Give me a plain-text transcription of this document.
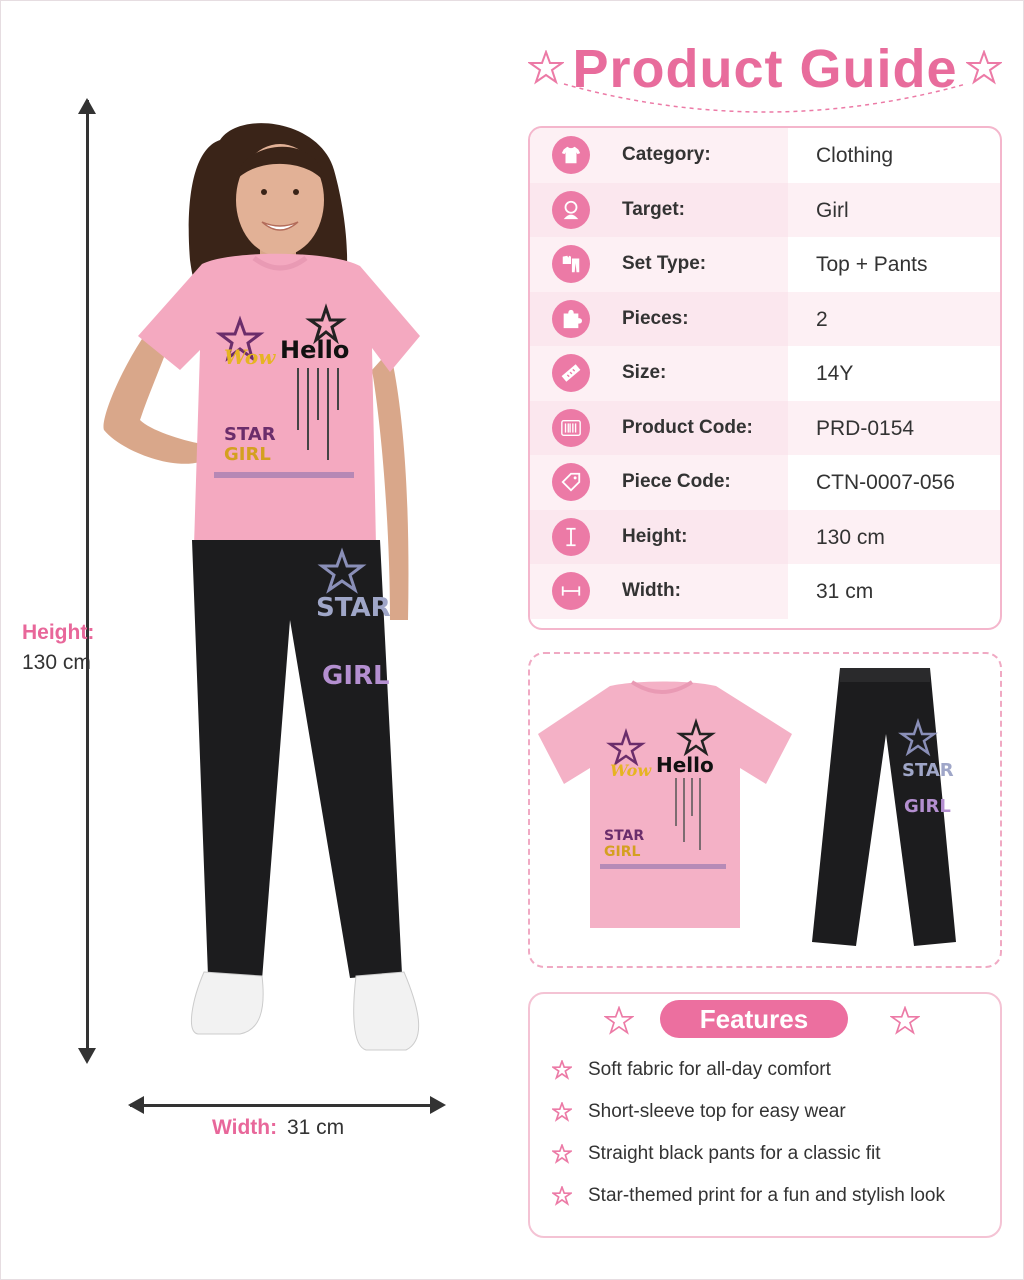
Height:
130 cm
Width: 31 cm
Wow Hello
STAR
GIRL
STAR
GIRL
Product Guide
Category:	Clothing
Target:	Girl
Set Type:	Top + Pants
Pieces:	2
Size:	14Y
Product Code:	PRD-0154
Piece Code:	CTN-0007-056
Height:	130 cm
Width:	31 cm
Wow Hello
STAR
GIRL
STAR
GIRL
Features
Soft fabric for all-day comfort
Short-sleeve top for easy wear
Straight black pants for a classic fit
Star-themed print for a fun and stylish look
